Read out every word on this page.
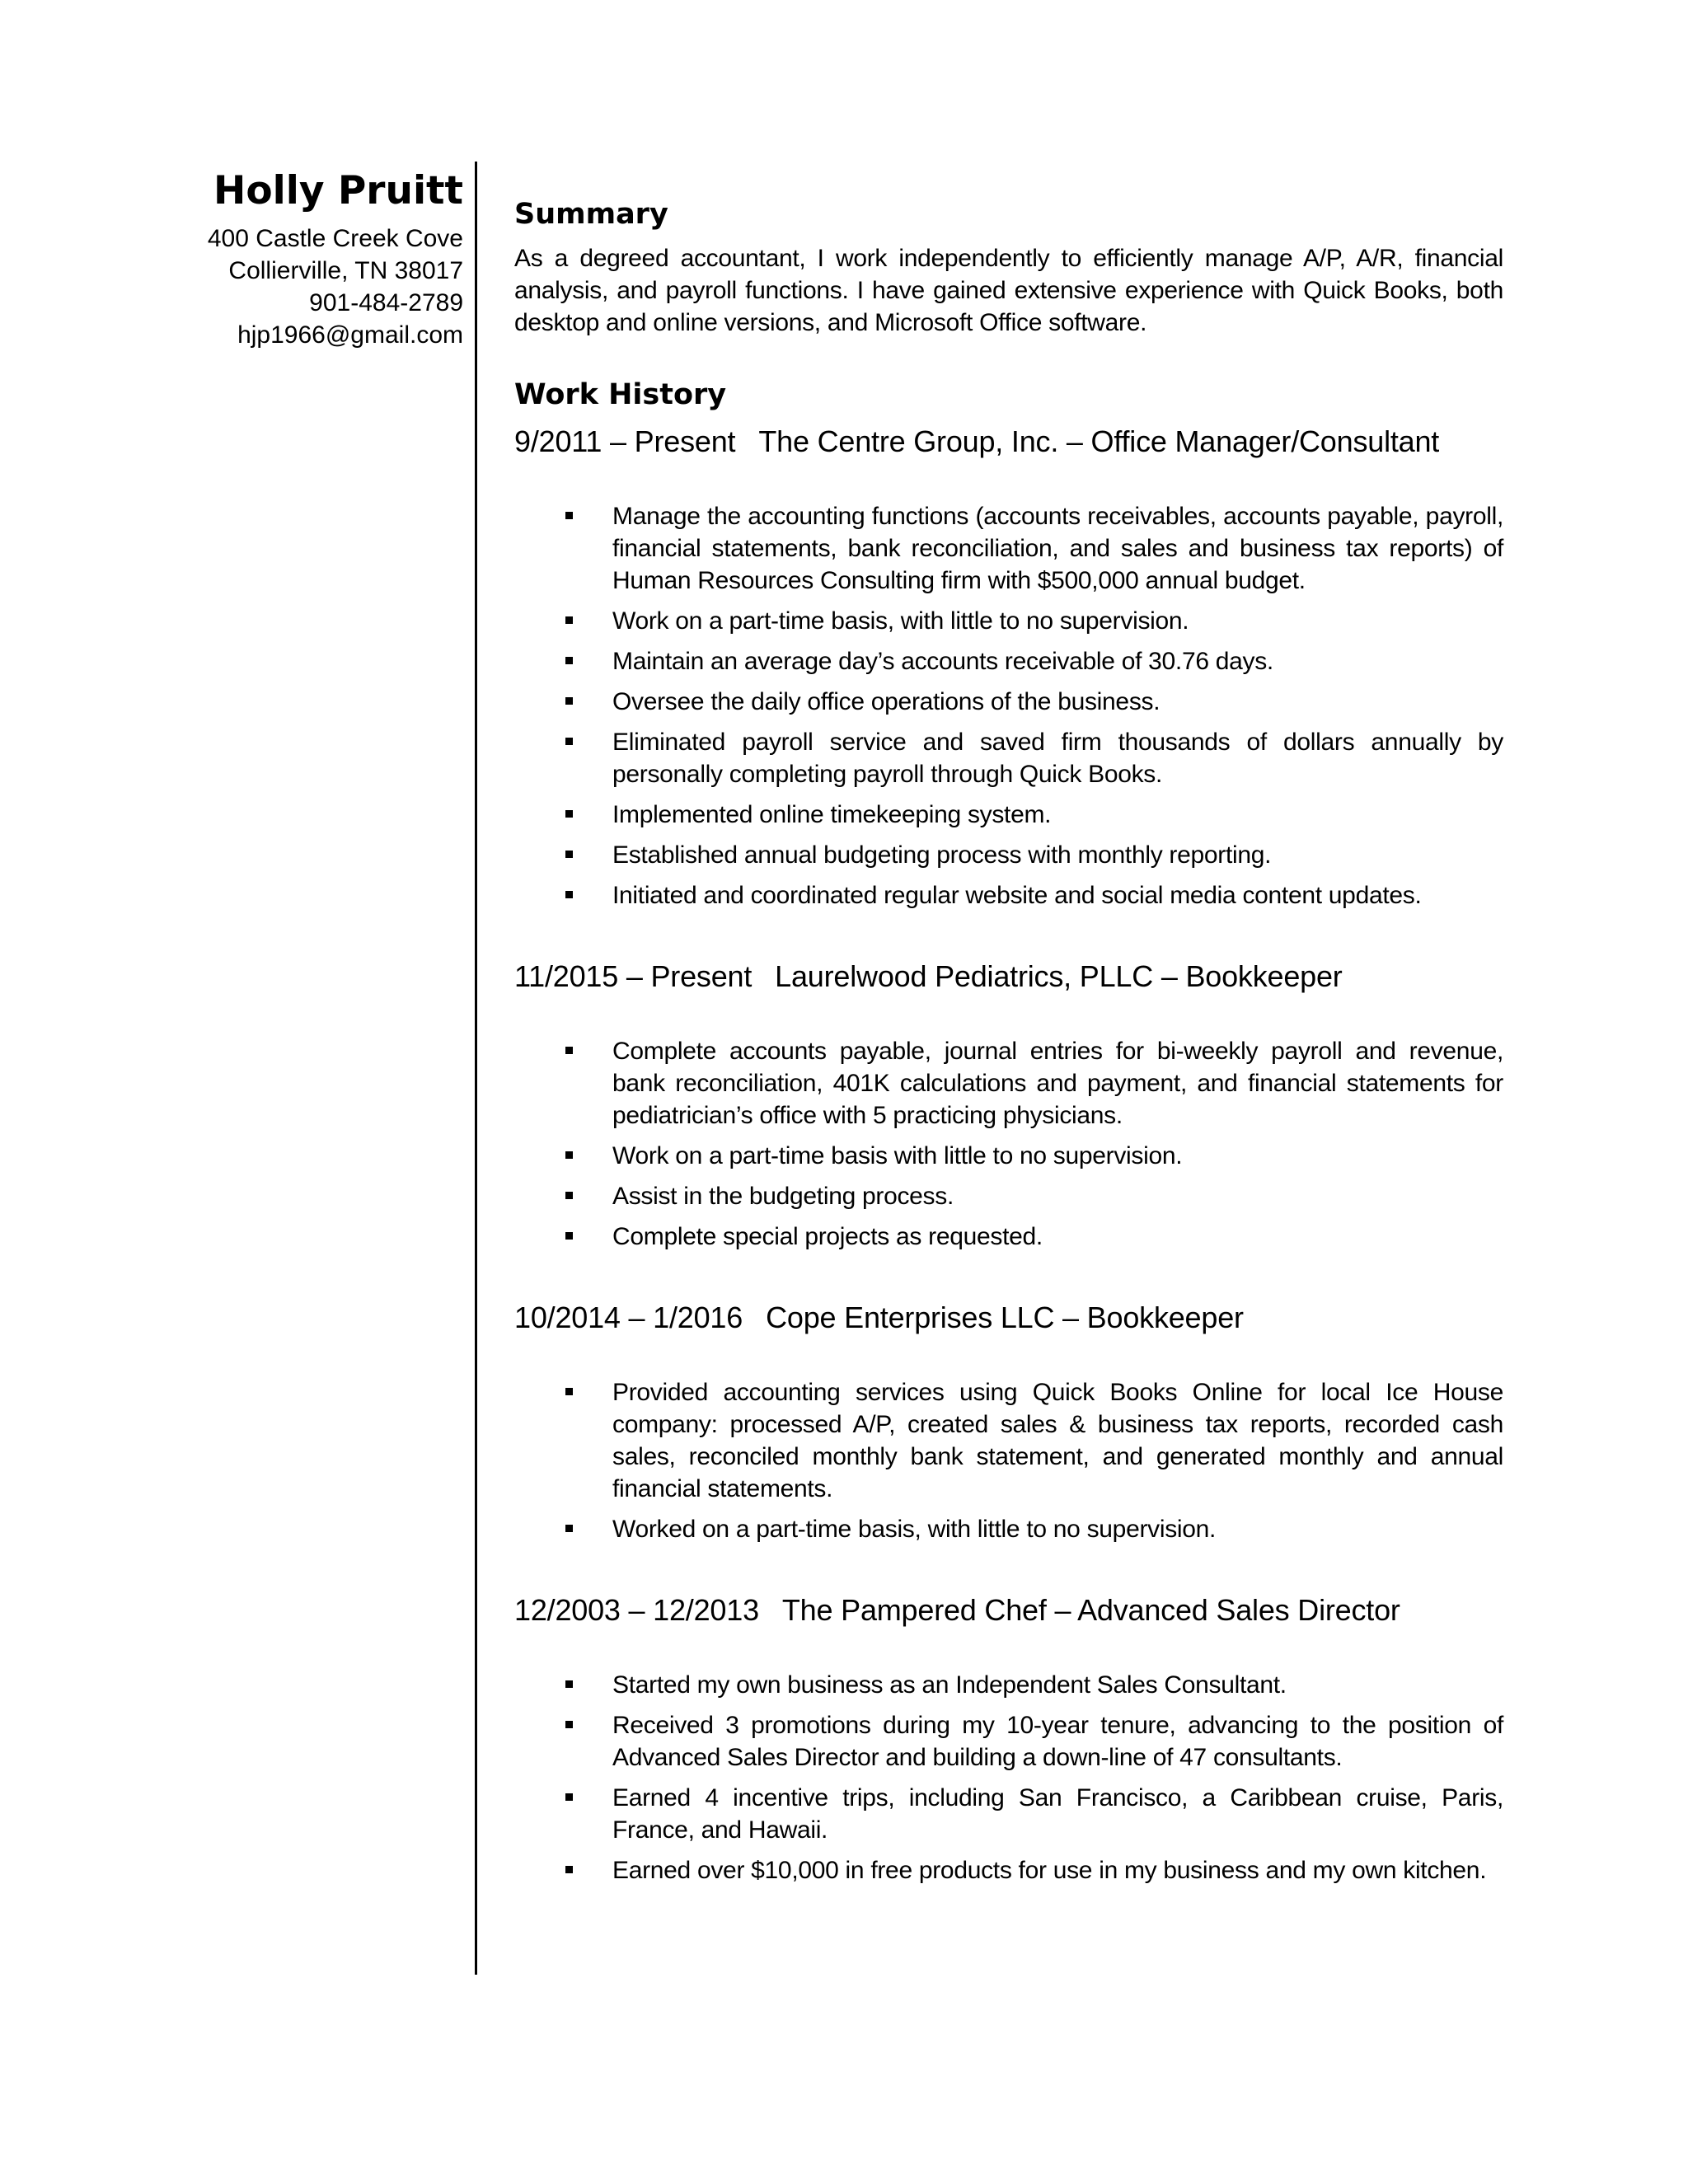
Holly Pruitt
400 Castle Creek Cove
Collierville, TN 38017
901-484-2789
hjp1966@gmail.com
Summary
As a degreed accountant, I work independently to efficiently manage A/P, A/R, financial analysis, and payroll functions. I have gained extensive experience with Quick Books, both desktop and online versions, and Microsoft Office software.
Work History
9/2011 – Present The Centre Group, Inc. – Office Manager/Consultant
Manage the accounting functions (accounts receivables, accounts payable, payroll, financial statements, bank reconciliation, and sales and business tax reports) of Human Resources Consulting firm with $500,000 annual budget.
Work on a part-time basis, with little to no supervision.
Maintain an average day’s accounts receivable of 30.76 days.
Oversee the daily office operations of the business.
Eliminated payroll service and saved firm thousands of dollars annually by personally completing payroll through Quick Books.
Implemented online timekeeping system.
Established annual budgeting process with monthly reporting.
Initiated and coordinated regular website and social media content updates.
11/2015 – Present Laurelwood Pediatrics, PLLC – Bookkeeper
Complete accounts payable, journal entries for bi-weekly payroll and revenue, bank reconciliation, 401K calculations and payment, and financial statements for pediatrician’s office with 5 practicing physicians.
Work on a part-time basis with little to no supervision.
Assist in the budgeting process.
Complete special projects as requested.
10/2014 – 1/2016 Cope Enterprises LLC – Bookkeeper
Provided accounting services using Quick Books Online for local Ice House company: processed A/P, created sales & business tax reports, recorded cash sales, reconciled monthly bank statement, and generated monthly and annual financial statements.
Worked on a part-time basis, with little to no supervision.
12/2003 – 12/2013 The Pampered Chef – Advanced Sales Director
Started my own business as an Independent Sales Consultant.
Received 3 promotions during my 10-year tenure, advancing to the position of Advanced Sales Director and building a down-line of 47 consultants.
Earned 4 incentive trips, including San Francisco, a Caribbean cruise, Paris, France, and Hawaii.
Earned over $10,000 in free products for use in my business and my own kitchen.
